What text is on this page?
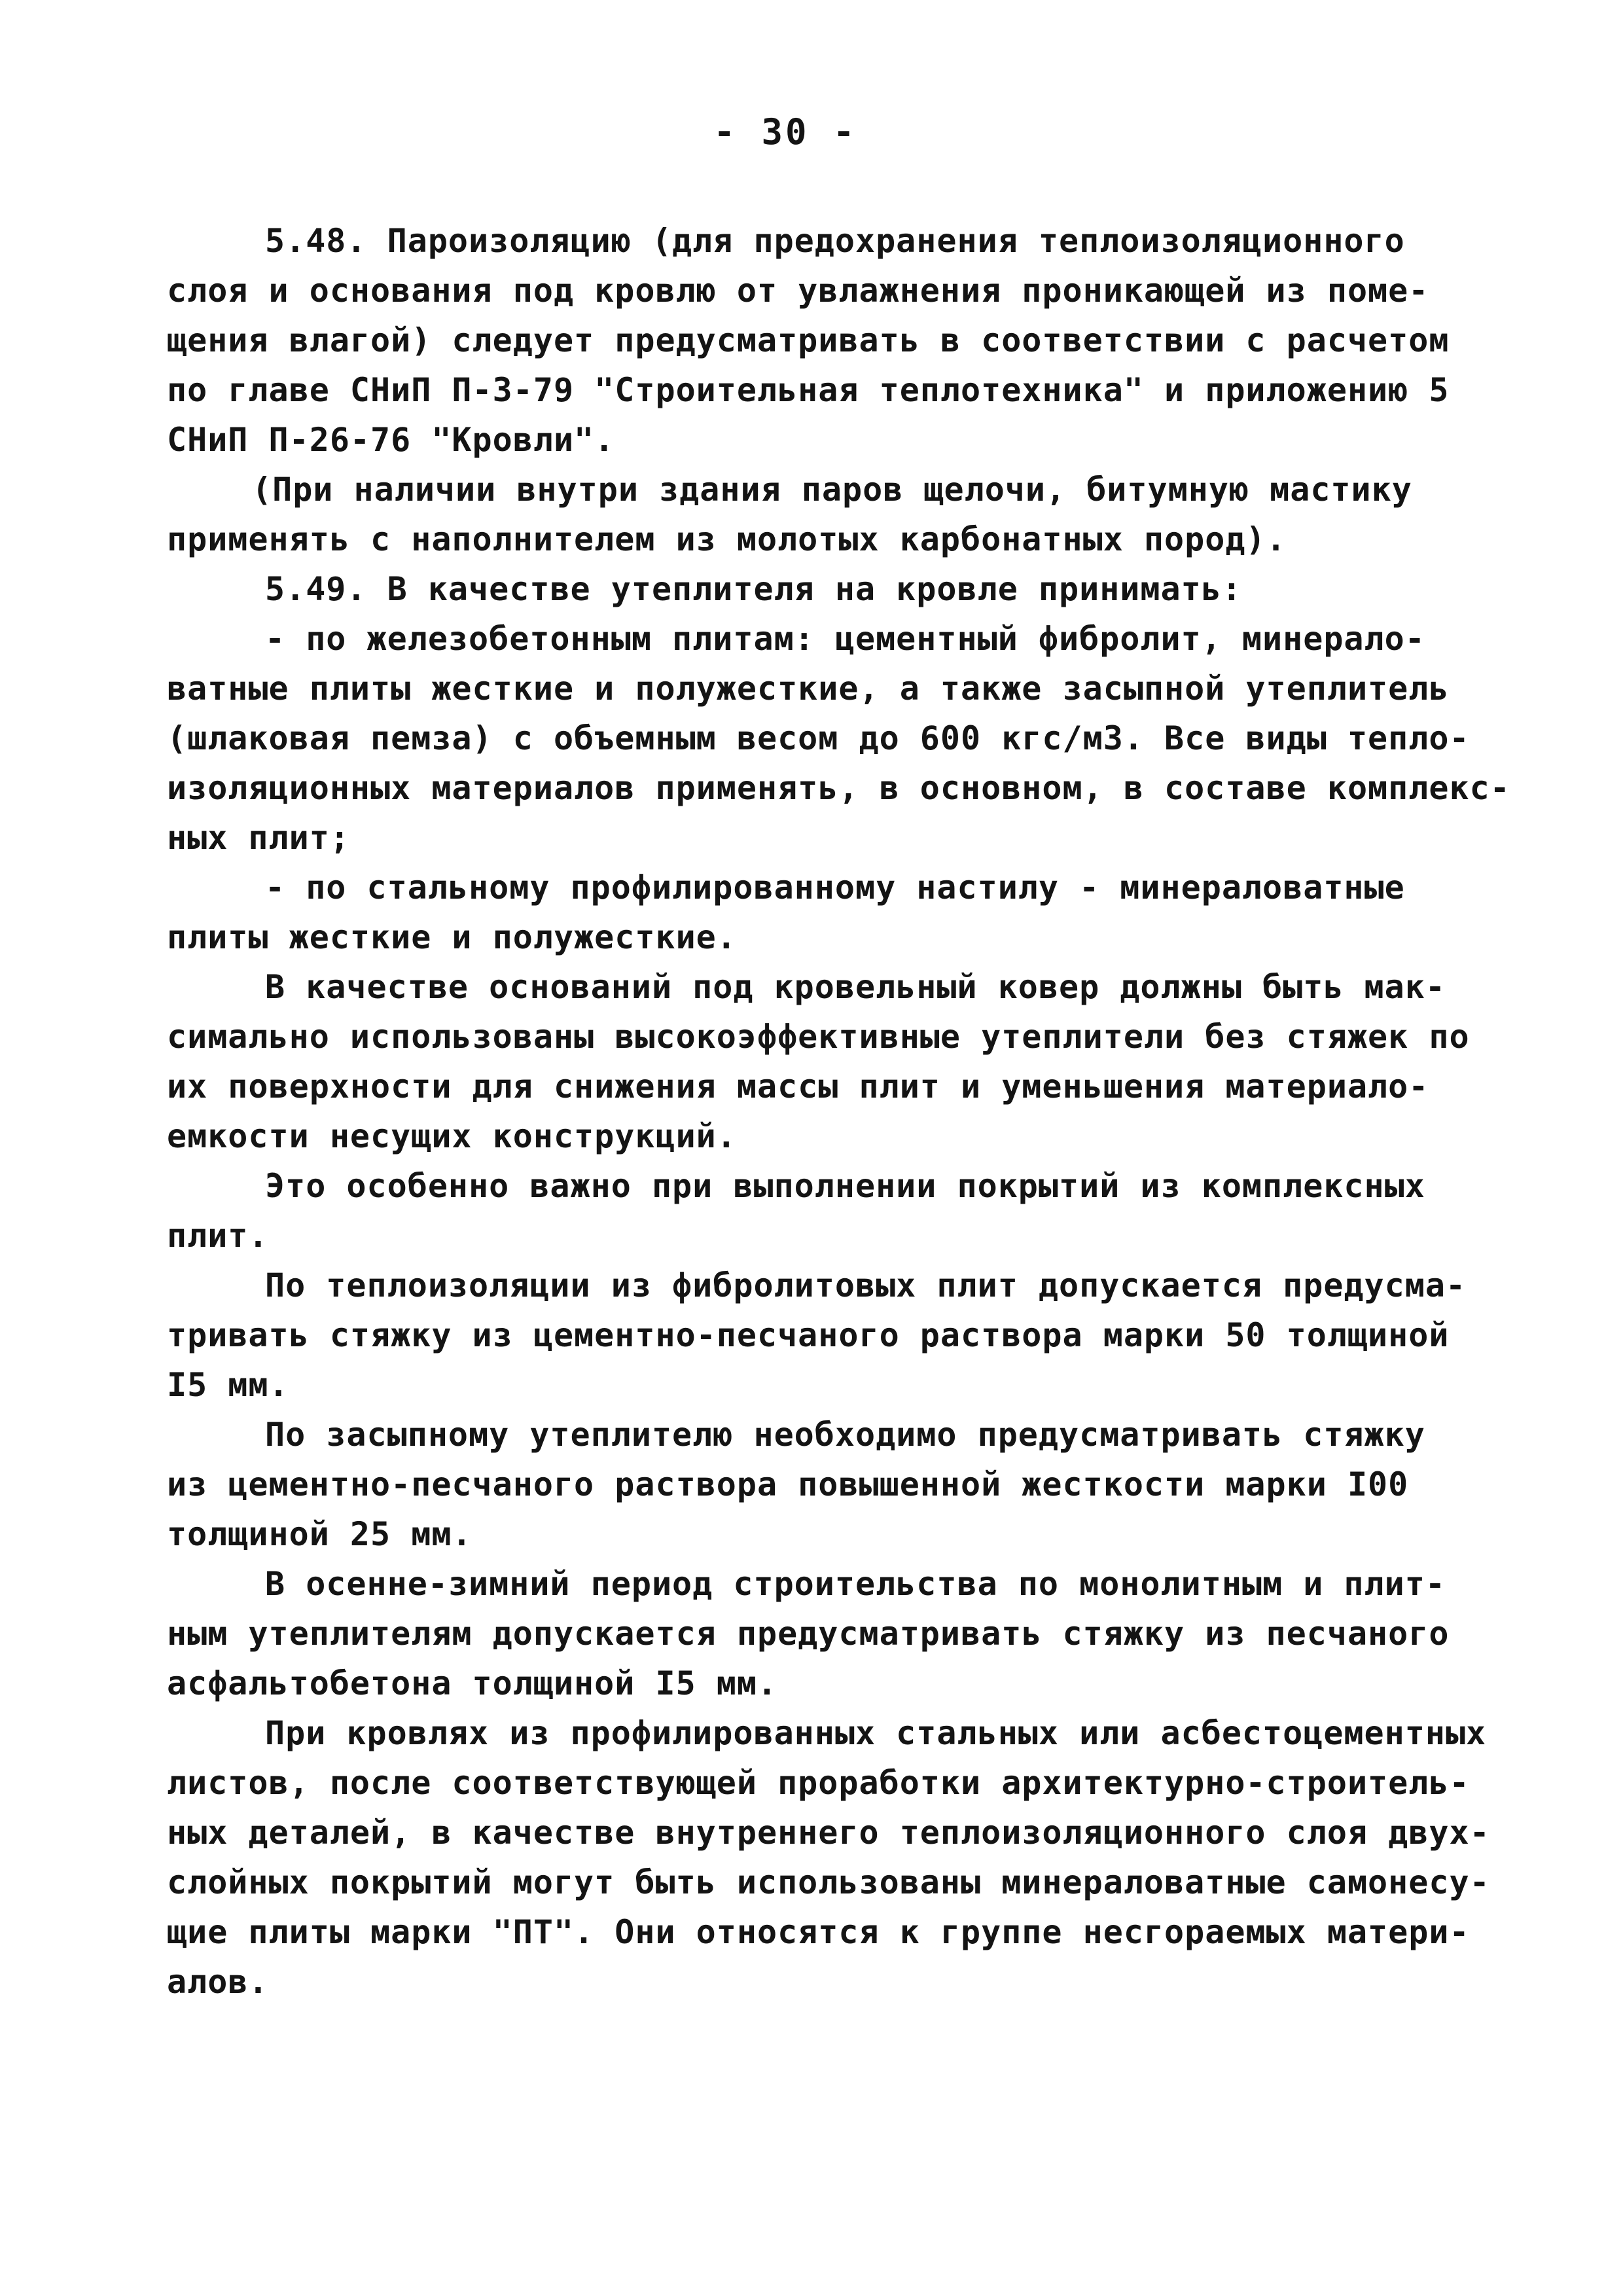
- 30 -
5.48. Пароизоляцию (для предохранения теплоизоляционного
слоя и основания под кровлю от увлажнения проникающей из поме-
щения влагой) следует предусматривать в соответствии с расчетом
по главе СНиП П-3-79 "Строительная теплотехника" и приложению 5
СНиП П-26-76 "Кровли".
(При наличии внутри здания паров щелочи, битумную мастику
применять с наполнителем из молотых карбонатных пород).
5.49. В качестве утеплителя на кровле принимать:
- по железобетонным плитам: цементный фибролит, минерало-
ватные плиты жесткие и полужесткие, а также засыпной утеплитель
(шлаковая пемза) с объемным весом до 600 кгс/м3. Все виды тепло-
изоляционных материалов применять, в основном, в составе комплекс-
ных плит;
- по стальному профилированному настилу - минераловатные
плиты жесткие и полужесткие.
В качестве оснований под кровельный ковер должны быть мак-
симально использованы высокоэффективные утеплители без стяжек по
их поверхности для снижения массы плит и уменьшения материало-
емкости несущих конструкций.
Это особенно важно при выполнении покрытий из комплексных
плит.
По теплоизоляции из фибролитовых плит допускается предусма-
тривать стяжку из цементно-песчаного раствора марки 50 толщиной
I5 мм.
По засыпному утеплителю необходимо предусматривать стяжку
из цементно-песчаного раствора повышенной жесткости марки I00
толщиной 25 мм.
В осенне-зимний период строительства по монолитным и плит-
ным утеплителям допускается предусматривать стяжку из песчаного
асфальтобетона толщиной I5 мм.
При кровлях из профилированных стальных или асбестоцементных
листов, после соответствующей проработки архитектурно-строитель-
ных деталей, в качестве внутреннего теплоизоляционного слоя двух-
слойных покрытий могут быть использованы минераловатные самонесу-
щие плиты марки "ПТ". Они относятся к группе несгораемых матери-
алов.
